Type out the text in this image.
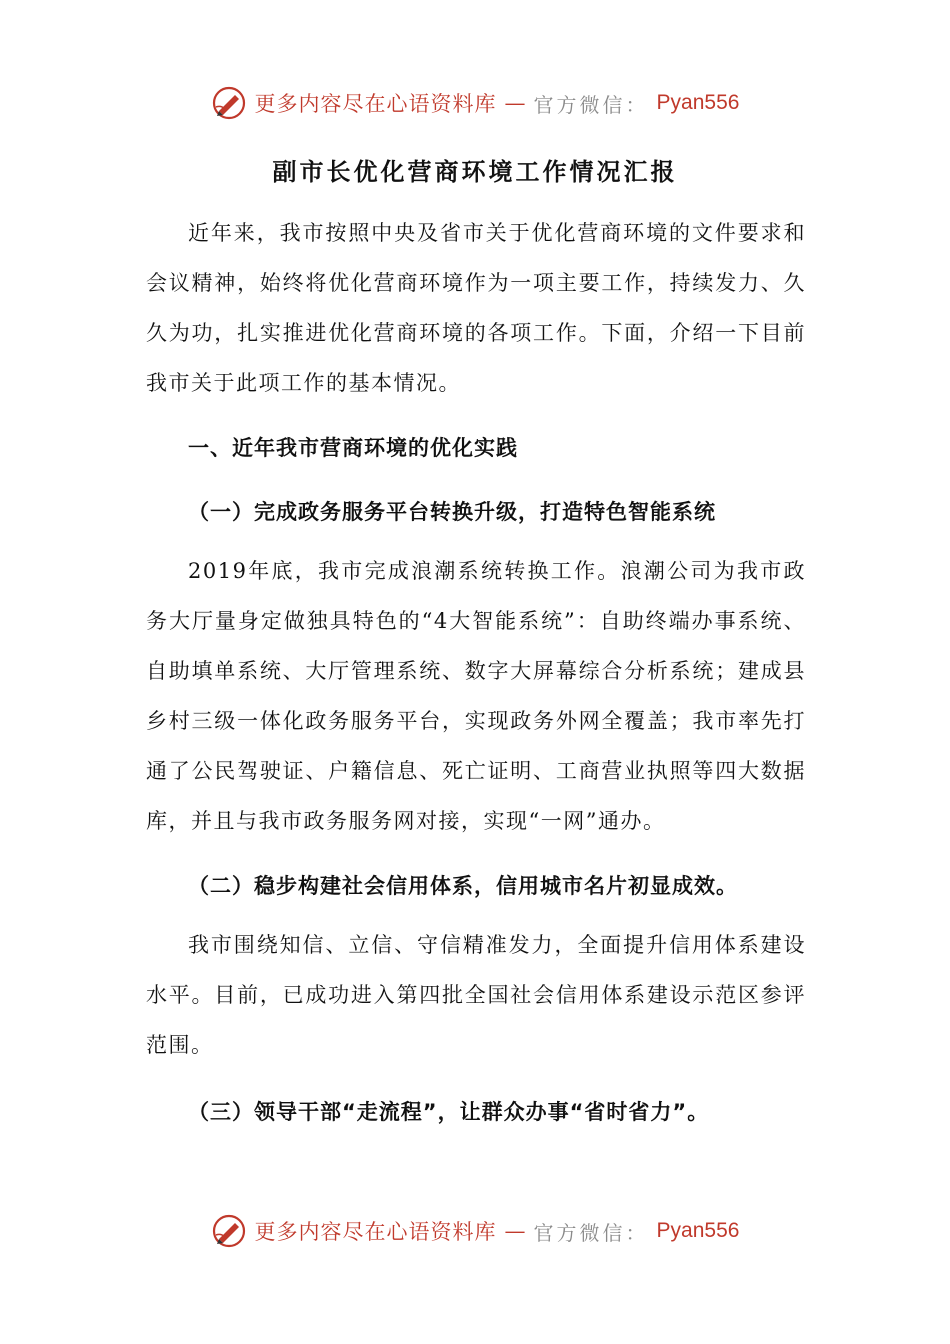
更多内容尽在心语资料库 — 官方微信： Pyan556
副市长优化营商环境工作情况汇报
近年来，我市按照中央及省市关于优化营商环境的文件要求和会议精神，始终将优化营商环境作为一项主要工作，持续发力、久久为功，扎实推进优化营商环境的各项工作。下面，介绍一下目前我市关于此项工作的基本情况。
一、近年我市营商环境的优化实践
（一）完成政务服务平台转换升级，打造特色智能系统
2019年底，我市完成浪潮系统转换工作。浪潮公司为我市政务大厅量身定做独具特色的“4大智能系统”：自助终端办事系统、自助填单系统、大厅管理系统、数字大屏幕综合分析系统；建成县乡村三级一体化政务服务平台，实现政务外网全覆盖；我市率先打通了公民驾驶证、户籍信息、死亡证明、工商营业执照等四大数据库，并且与我市政务服务网对接，实现“一网”通办。
（二）稳步构建社会信用体系，信用城市名片初显成效。
我市围绕知信、立信、守信精准发力，全面提升信用体系建设水平。目前，已成功进入第四批全国社会信用体系建设示范区参评范围。
（三）领导干部“走流程”，让群众办事“省时省力”。
更多内容尽在心语资料库 — 官方微信： Pyan556
